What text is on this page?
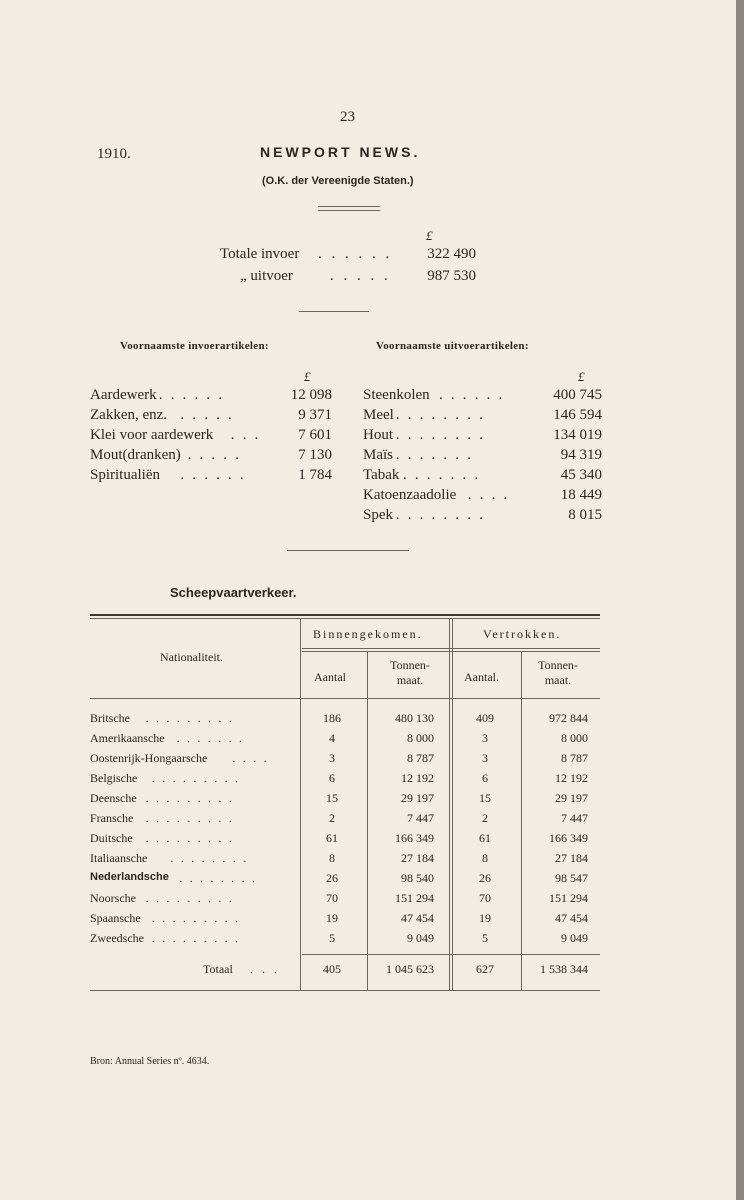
23
1910.	NEWPORT NEWS.
(O.K. der Vereenigde Staten.)
£
Totale invoer . . . . . .	322 490
„ uitvoer . . . . .	987 530
Voornaamste invoerartikelen:	Voornaamste uitvoerartikelen:
£	£
Aardewerk . . . . . .	12 098
Zakken, enz. . . . . .	9 371
Klei voor aardewerk . . .	7 601
Mout(dranken) . . . . .	7 130
Spiritualiën . . . . . .	1 784
Steenkolen . . . . . .	400 745
Meel . . . . . . . .	146 594
Hout . . . . . . . .	134 019
Maïs . . . . . . .	94 319
Tabak . . . . . . .	45 340
Katoenzaadolie . . . .	18 449
Spek . . . . . . . .	8 015
Scheepvaartverkeer.
Nationaliteit.
Binnengekomen.	Vertrokken.
Aantal
Tonnen-maat.	Aantal.
Tonnen-maat.
Britsche . . . . . . . . .	186	480 130	409	972 844
Amerikaansche . . . . . . .	4	8 000	3	8 000
Oostenrijk-Hongaarsche . . . .	3	8 787	3	8 787
Belgische . . . . . . . . .	6	12 192	6	12 192
Deensche . . . . . . . . .	15	29 197	15	29 197
Fransche . . . . . . . . .	2	7 447	2	7 447
Duitsche . . . . . . . . .	61	166 349	61	166 349
Italiaansche . . . . . . . .	8	27 184	8	27 184
Nederlandsche . . . . . . . .	26	98 540	26	98 547
Noorsche . . . . . . . . .	70	151 294	70	151 294
Spaansche . . . . . . . . .	19	47 454	19	47 454
Zweedsche . . . . . . . . .	5	9 049	5	9 049
Totaal . . .	405	1 045 623	627	1 538 344
Bron: Annual Series nº. 4634.
